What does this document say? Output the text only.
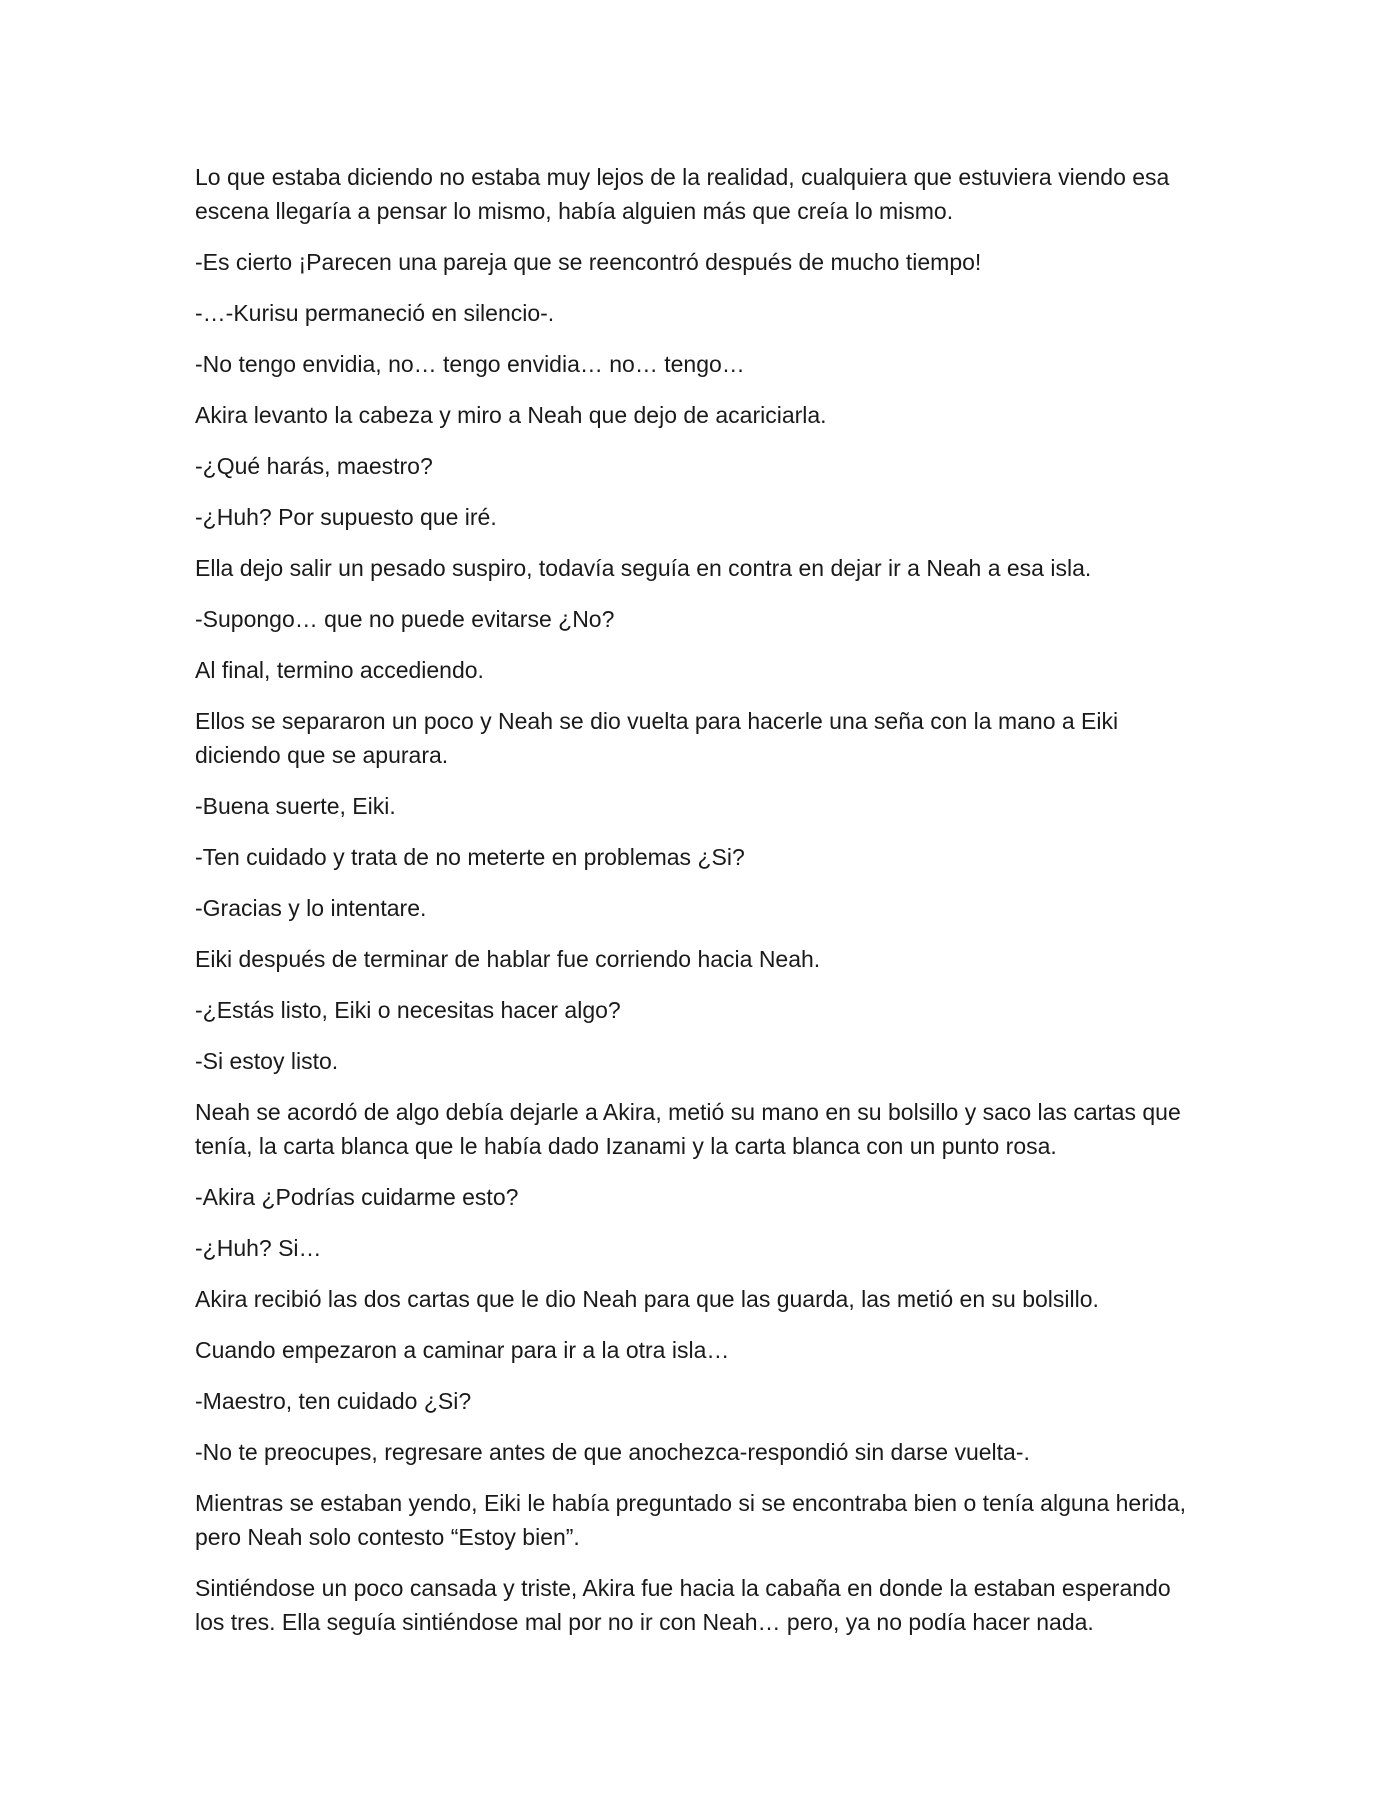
Lo que estaba diciendo no estaba muy lejos de la realidad, cualquiera que estuviera viendo esa escena llegaría a pensar lo mismo, había alguien más que creía lo mismo.

-Es cierto ¡Parecen una pareja que se reencontró después de mucho tiempo!

-…-Kurisu permaneció en silencio-.

-No tengo envidia, no… tengo envidia… no… tengo…

Akira levanto la cabeza y miro a Neah que dejo de acariciarla.

-¿Qué harás, maestro?

-¿Huh? Por supuesto que iré.

Ella dejo salir un pesado suspiro, todavía seguía en contra en dejar ir a Neah a esa isla.

-Supongo… que no puede evitarse ¿No?

Al final, termino accediendo.

Ellos se separaron un poco y Neah se dio vuelta para hacerle una seña con la mano a Eiki diciendo que se apurara.

-Buena suerte, Eiki.

-Ten cuidado y trata de no meterte en problemas ¿Si?

-Gracias y lo intentare.

Eiki después de terminar de hablar fue corriendo hacia Neah.

-¿Estás listo, Eiki o necesitas hacer algo?

-Si estoy listo.

Neah se acordó de algo debía dejarle a Akira, metió su mano en su bolsillo y saco las cartas que tenía, la carta blanca que le había dado Izanami y la carta blanca con un punto rosa.

-Akira ¿Podrías cuidarme esto?

-¿Huh? Si…

Akira recibió las dos cartas que le dio Neah para que las guarda, las metió en su bolsillo.

Cuando empezaron a caminar para ir a la otra isla…

-Maestro, ten cuidado ¿Si?

-No te preocupes, regresare antes de que anochezca-respondió sin darse vuelta-.

Mientras se estaban yendo, Eiki le había preguntado si se encontraba bien o tenía alguna herida, pero Neah solo contesto “Estoy bien”.

Sintiéndose un poco cansada y triste, Akira fue hacia la cabaña en donde la estaban esperando los tres. Ella seguía sintiéndose mal por no ir con Neah… pero, ya no podía hacer nada.
